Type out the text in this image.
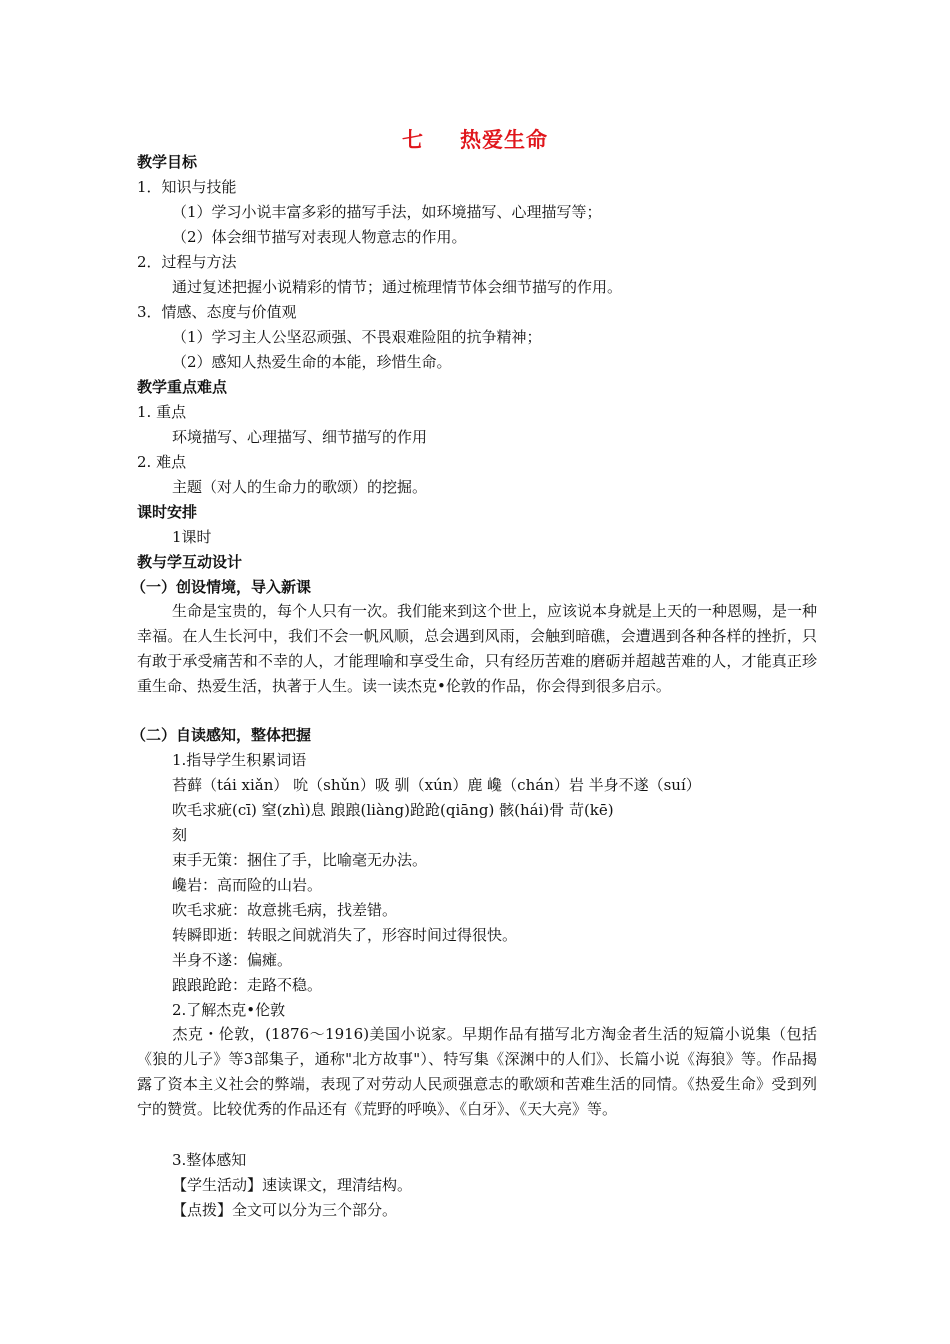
七 热爱生命
教学目标
1．知识与技能
（1）学习小说丰富多彩的描写手法，如环境描写、心理描写等；
（2）体会细节描写对表现人物意志的作用。
2．过程与方法
通过复述把握小说精彩的情节；通过梳理情节体会细节描写的作用。
3．情感、态度与价值观
（1）学习主人公坚忍顽强、不畏艰难险阻的抗争精神；
（2）感知人热爱生命的本能，珍惜生命。
教学重点难点
1. 重点
环境描写、心理描写、细节描写的作用
2. 难点
主题（对人的生命力的歌颂）的挖掘。
课时安排
1课时
教与学互动设计
（一）创设情境，导入新课
生命是宝贵的，每个人只有一次。我们能来到这个世上，应该说本身就是上天的一种恩赐，是一种幸福。在人生长河中，我们不会一帆风顺，总会遇到风雨，会触到暗礁，会遭遇到各种各样的挫折，只有敢于承受痛苦和不幸的人，才能理喻和享受生命，只有经历苦难的磨砺并超越苦难的人，才能真正珍重生命、热爱生活，执著于人生。读一读杰克•伦敦的作品，你会得到很多启示。
（二）自读感知，整体把握
1.指导学生积累词语
苔藓（tái xiǎn） 吮（shǔn）吸 驯（xún）鹿 巉（chán）岩 半身不遂（suí）
吹毛求疵(cī) 窒(zhì)息 踉踉(liàng)跄跄(qiāng) 骸(hái)骨 苛(kē)
刻
束手无策：捆住了手，比喻毫无办法。
巉岩：高而险的山岩。
吹毛求疵：故意挑毛病，找差错。
转瞬即逝：转眼之间就消失了，形容时间过得很快。
半身不遂：偏瘫。
踉踉跄跄：走路不稳。
2.了解杰克•伦敦
杰克・伦敦，(1876～1916)美国小说家。早期作品有描写北方淘金者生活的短篇小说集（包括《狼的儿子》等3部集子，通称"北方故事"）、特写集《深渊中的人们》、长篇小说《海狼》等。作品揭露了资本主义社会的弊端，表现了对劳动人民顽强意志的歌颂和苦难生活的同情。《热爱生命》受到列宁的赞赏。比较优秀的作品还有《荒野的呼唤》、《白牙》、《天大亮》等。
3.整体感知
【学生活动】速读课文，理清结构。
【点拨】全文可以分为三个部分。
